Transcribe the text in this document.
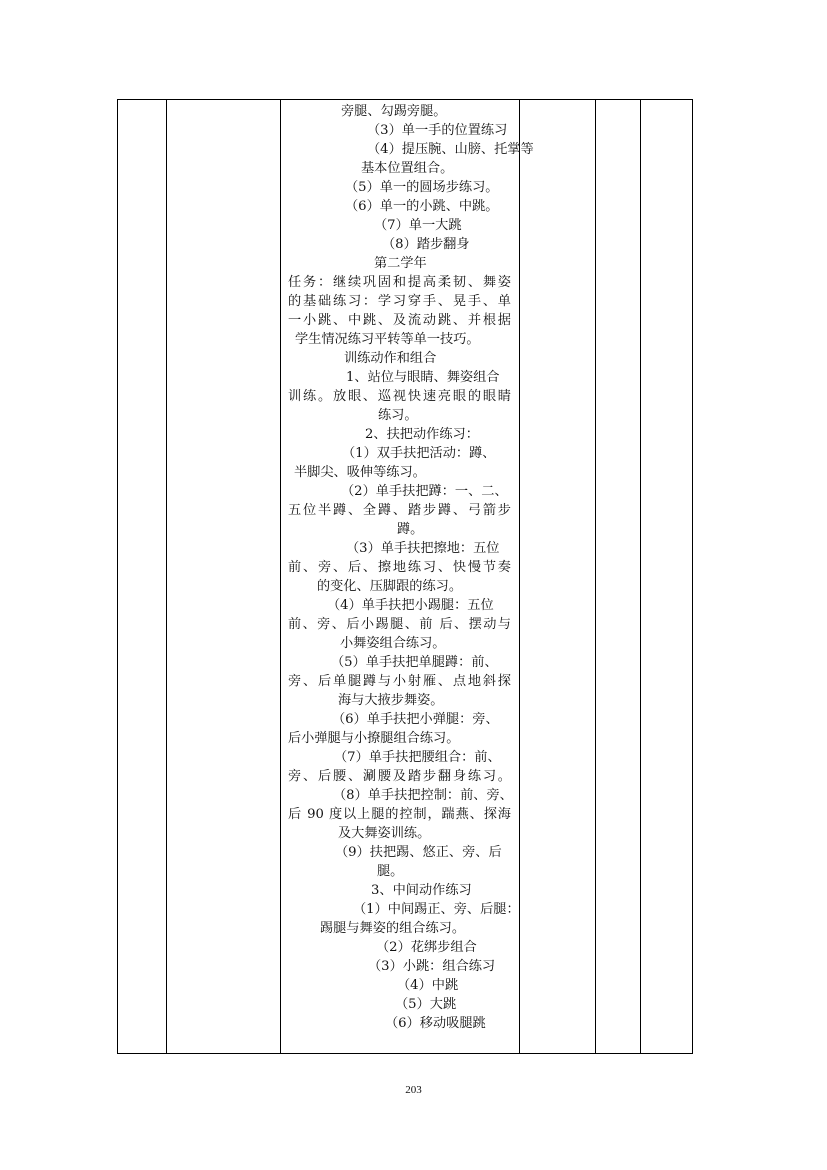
旁腿、勾踢旁腿。
（3）单一手的位置练习
（4）提压腕、山膀、托掌等
基本位置组合。
（5）单一的圆场步练习。
（6）单一的小跳、中跳。
（7）单一大跳
（8）踏步翻身
第二学年
任务：继续巩固和提高柔韧、舞姿
的基础练习：学习穿手、晃手、单
一小跳、中跳、及流动跳、并根据
学生情况练习平转等单一技巧。
训练动作和组合
1、站位与眼睛、舞姿组合
训练。放眼、巡视快速亮眼的眼睛
练习。
2、扶把动作练习：
（1）双手扶把活动：蹲、
半脚尖、吸伸等练习。
（2）单手扶把蹲：一、二、
五位半蹲、全蹲、踏步蹲、弓箭步
蹲。
（3）单手扶把擦地：五位
前、旁、后、擦地练习、快慢节奏
的变化、压脚跟的练习。
（4）单手扶把小踢腿：五位
前、旁、后小踢腿、前 后、摆动与
小舞姿组合练习。
（5）单手扶把单腿蹲：前、
旁、后单腿蹲与小射雁、点地斜探
海与大掖步舞姿。
（6）单手扶把小弹腿：旁、
后小弹腿与小撩腿组合练习。
（7）单手扶把腰组合：前、
旁、后腰、涮腰及踏步翻身练习。
（8）单手扶把控制：前、旁、
后 90 度以上腿的控制，踹燕、探海
及大舞姿训练。
（9）扶把踢、悠正、旁、后
腿。
3、中间动作练习
（1）中间踢正、旁、后腿：
踢腿与舞姿的组合练习。
（2）花绑步组合
（3）小跳：组合练习
（4）中跳
（5）大跳
（6）移动吸腿跳
203
